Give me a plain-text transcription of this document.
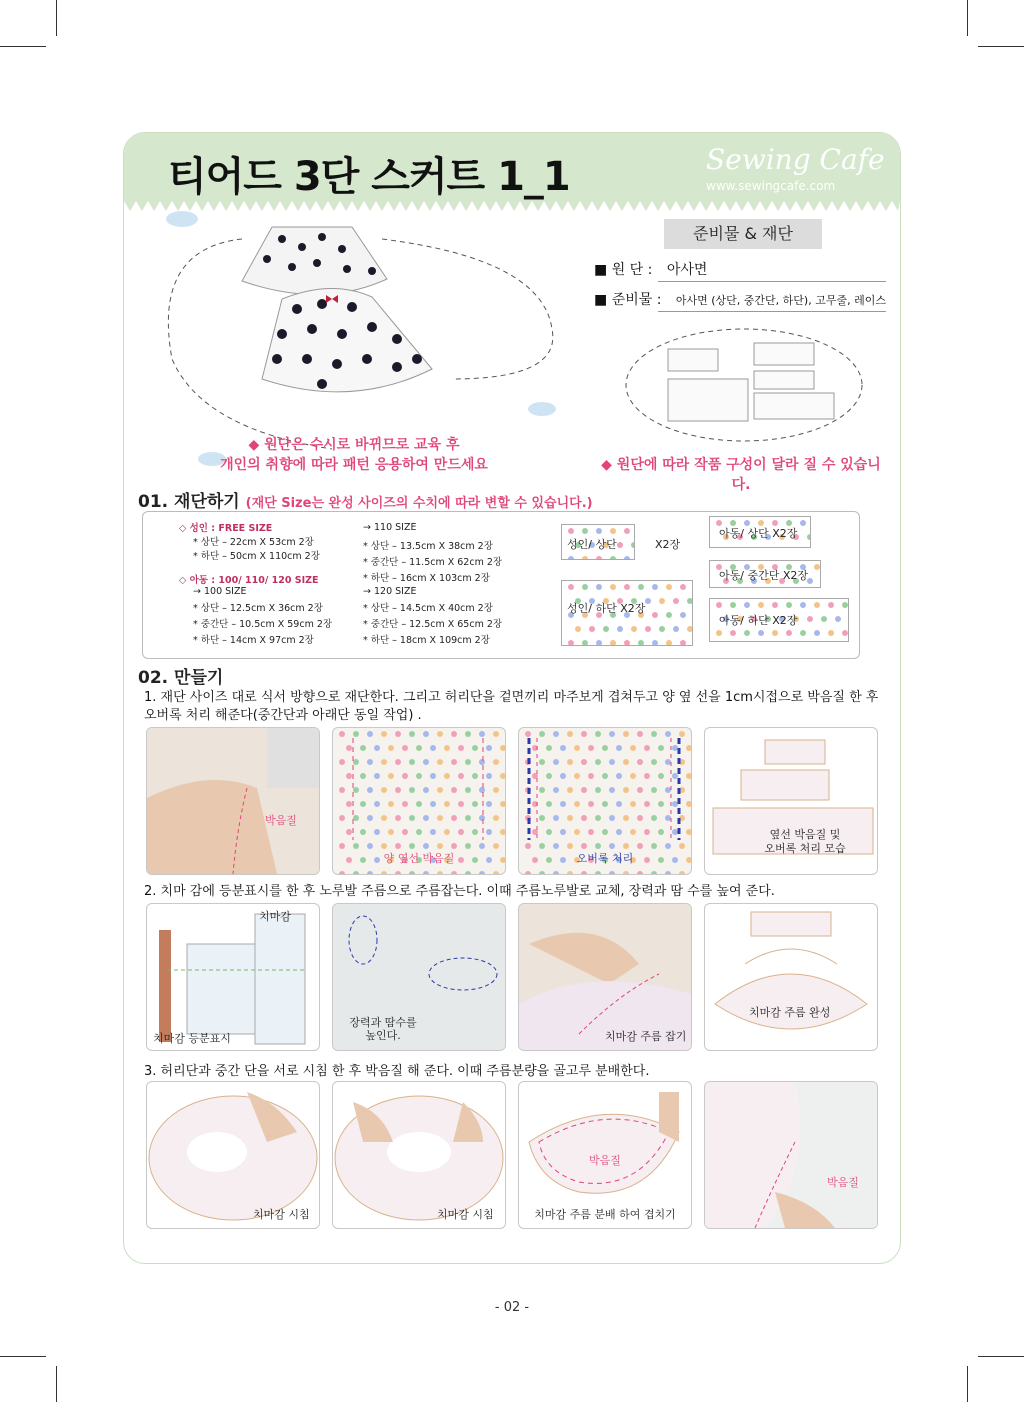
티어드 3단 스커트 1_1	Sewing Cafe
www.sewingcafe.com
준비물 & 재단
■ 원 단 : 아사면
■ 준비물 : 아사면 (상단, 중간단, 하단), 고무줄, 레이스
◆ 원단은 수시로 바뀌므로 교육 후
개인의 취향에 따라 패턴 응용하여 만드세요	◆ 원단에 따라 작품 구성이 달라 질 수 있습니다.
01. 재단하기 (재단 Size는 완성 사이즈의 수치에 따라 변할 수 있습니다.)
◇ 성인 : FREE SIZE
* 상단 – 22cm X 53cm 2장
* 하단 – 50cm X 110cm 2장
◇ 아동 : 100/ 110/ 120 SIZE
→ 100 SIZE
* 상단 – 12.5cm X 36cm 2장
* 중간단 – 10.5cm X 59cm 2장
* 하단 – 14cm X 97cm 2장
→ 110 SIZE
* 상단 – 13.5cm X 38cm 2장
* 중간단 – 11.5cm X 62cm 2장
* 하단 – 16cm X 103cm 2장
→ 120 SIZE
* 상단 – 14.5cm X 40cm 2장
* 중간단 – 12.5cm X 65cm 2장
* 하단 – 18cm X 109cm 2장
성인/ 상단	X2장
성인/ 하단 X2장
아동/ 상단 X2장
아동/ 중간단 X2장
아동/ 하단 X2장
02. 만들기
1. 재단 사이즈 대로 식서 방향으로 재단한다. 그리고 허리단을 겉면끼리 마주보게 겹쳐두고 양 옆 선을 1cm시접으로 박음질 한 후 오버록 처리 해준다(중간단과 아래단 동일 작업) .
박음질
양 옆선 박음질	오버록 처리
옆선 박음질 및
오버록 처리 모습
2. 치마 감에 등분표시를 한 후 노루발 주름으로 주름잡는다. 이때 주름노루발로 교체, 장력과 땀 수를 높여 준다.
치마감
치마감 등분표시
장력과 땀수를
높인다.	치마감 주름 잡기
치마감 주름 완성
3. 허리단과 중간 단을 서로 시침 한 후 박음질 해 준다. 이때 주름분량을 골고루 분배한다.
치마감 시침	치마감 시침
박음질
치마감 주름 분배 하여 겹치기
박음질
- 02 -
